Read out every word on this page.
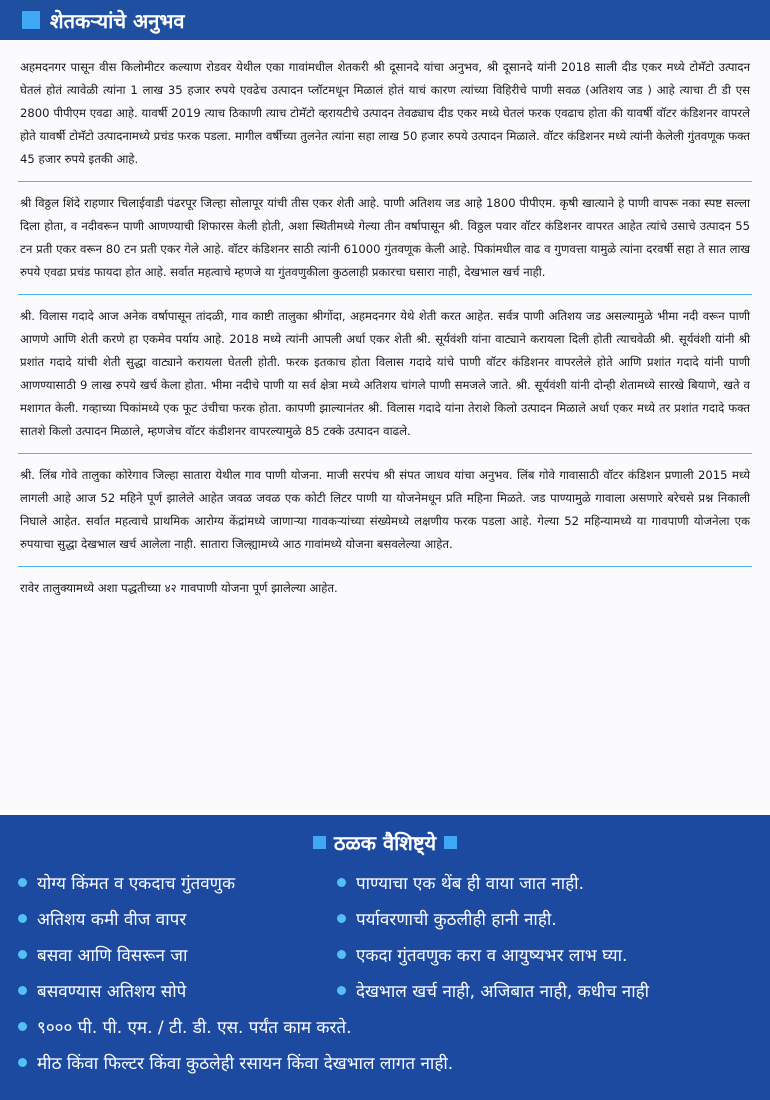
शेतकऱ्यांचे अनुभव

अहमदनगर पासून वीस किलोमीटर कल्याण रोडवर येथील एका गावांमधील शेतकरी श्री दूसानदे यांचा अनुभव, श्री दूसानदे यांनी 2018 साली दीड एकर मध्ये टोमॅटो उत्पादन घेतलं होतं त्यावेळी त्यांना 1 लाख 35 हजार रुपये एवढेच उत्पादन प्लॉटमधून मिळालं होतं याचं कारण त्यांच्या विहिरीचे पाणी सवळ (अतिशय जड ) आहे त्याचा टी डी एस 2800 पीपीएम एवढा आहे. यावर्षी 2019 त्याच ठिकाणी त्याच टोमॅटो व्हरायटीचे उत्पादन तेवढ्याच दीड एकर मध्ये घेतलं फरक एवढाच होता की यावर्षी वॉटर कंडिशनर वापरले होते यावर्षी टोमॅटो उत्पादनामध्ये प्रचंड फरक पडला. मागील वर्षीच्या तुलनेत त्यांना सहा लाख 50 हजार रुपये उत्पादन मिळाले. वॉटर कंडिशनर मध्ये त्यांनी केलेली गुंतवणूक फक्त 45 हजार रुपये इतकी आहे.

श्री विठ्ठल शिंदे राहणार चिलाईवाडी पंढरपूर जिल्हा सोलापूर यांची तीस एकर शेती आहे. पाणी अतिशय जड आहे 1800 पीपीएम. कृषी खात्याने हे पाणी वापरू नका स्पष्ट सल्ला दिला होता, व नदीवरून पाणी आणण्याची शिफारस केली होती, अशा स्थितीमध्ये गेल्या तीन वर्षापासून श्री. विठ्ठल पवार वॉटर कंडिशनर वापरत आहेत त्यांचे उसाचे उत्पादन 55 टन प्रती एकर वरून 80 टन प्रती एकर गेले आहे. वॉटर कंडिशनर साठी त्यांनी 61000 गुंतवणूक केली आहे. पिकांमधील वाढ व गुणवत्ता यामुळे त्यांना दरवर्षी सहा ते सात लाख रुपये एवढा प्रचंड फायदा होत आहे. सर्वात महत्वाचे म्हणजे या गुंतवणुकीला कुठलाही प्रकारचा घसारा नाही, देखभाल खर्च नाही.

श्री. विलास गदादे आज अनेक वर्षापासून तांदळी, गाव काष्टी तालुका श्रीगोंदा, अहमदनगर येथे शेती करत आहेत. सर्वत्र पाणी अतिशय जड असल्यामुळे भीमा नदी वरून पाणी आणणे आणि शेती करणे हा एकमेव पर्याय आहे. 2018 मध्ये त्यांनी आपली अर्धा एकर शेती श्री. सूर्यवंशी यांना वाट्याने करायला दिली होती त्याचवेळी श्री. सूर्यवंशी यांनी श्री प्रशांत गदादे यांची शेती सुद्धा वाट्याने करायला घेतली होती. फरक इतकाच होता विलास गदादे यांचे पाणी वॉटर कंडिशनर वापरलेले होते आणि प्रशांत गदादे यांनी पाणी आणण्यासाठी 9 लाख रुपये खर्च केला होता. भीमा नदीचे पाणी या सर्व क्षेत्रा मध्ये अतिशय चांगले पाणी समजले जाते. श्री. सूर्यवंशी यांनी दोन्ही शेतामध्ये सारखे बियाणे, खते व मशागत केली. गव्हाच्या पिकांमध्ये एक फूट उंचीचा फरक होता. कापणी झाल्यानंतर श्री. विलास गदादे यांना तेराशे किलो उत्पादन मिळाले अर्धा एकर मध्ये तर प्रशांत गदादे फक्त सातशे किलो उत्पादन मिळाले, म्हणजेच वॉटर कंडीशनर वापरल्यामुळे 85 टक्के उत्पादन वाढले.

श्री. लिंब गोवे तालुका कोरेगाव जिल्हा सातारा येथील गाव पाणी योजना. माजी सरपंच श्री संपत जाधव यांचा अनुभव. लिंब गोवे गावासाठी वॉटर कंडिशन प्रणाली 2015 मध्ये लागली आहे आज 52 महिने पूर्ण झालेले आहेत जवळ जवळ एक कोटी लिटर पाणी या योजनेमधून प्रति महिना मिळते. जड पाण्यामुळे गावाला असणारे बरेचसे प्रश्न निकाली निघाले आहेत. सर्वात महत्वाचे प्राथमिक आरोग्य केंद्रांमध्ये जाणाऱ्या गावकऱ्यांच्या संख्येमध्ये लक्षणीय फरक पडला आहे. गेल्या 52 महिन्यामध्ये या गावपाणी योजनेला एक रुपयाचा सुद्धा देखभाल खर्च आलेला नाही. सातारा जिल्ह्यामध्ये आठ गावांमध्ये योजना बसवलेल्या आहेत.

रावेर तालुक्यामध्ये अशा पद्धतीच्या ४२ गावपाणी योजना पूर्ण झालेल्या आहेत.

ठळक वैशिष्ट्ये
योग्य किंमत व एकदाच गुंतवणुक	पाण्याचा एक थेंब ही वाया जात नाही.
अतिशय कमी वीज वापर	पर्यावरणाची कुठलीही हानी नाही.
बसवा आणि विसरून जा	एकदा गुंतवणुक करा व आयुष्यभर लाभ घ्या.
बसवण्यास अतिशय सोपे	देखभाल खर्च नाही, अजिबात नाही, कधीच नाही
९००० पी. पी. एम. / टी. डी. एस. पर्यंत काम करते.
मीठ किंवा फिल्टर किंवा कुठलेही रसायन किंवा देखभाल लागत नाही.
